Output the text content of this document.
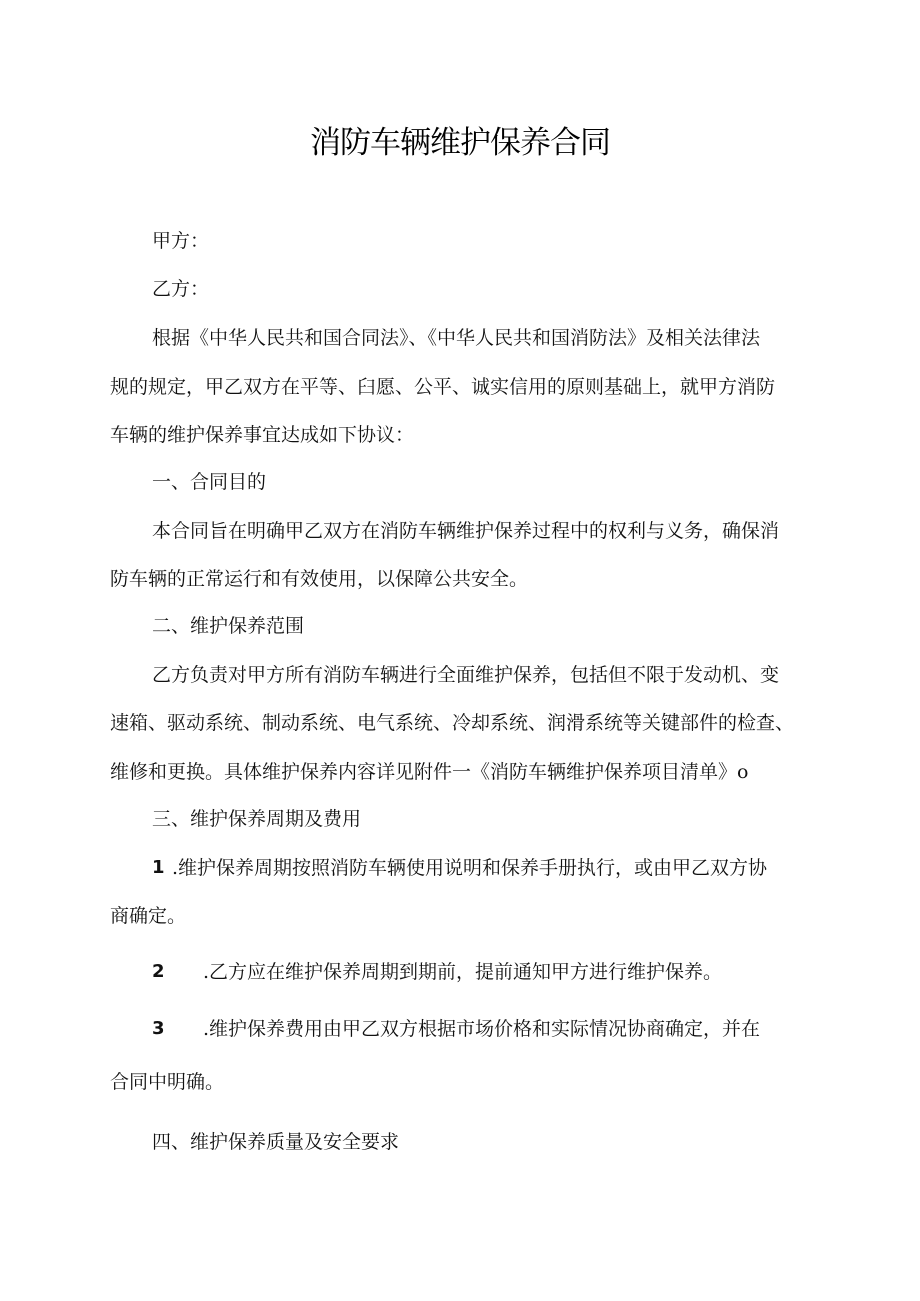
消防车辆维护保养合同
甲方：
乙方：
根据《中华人民共和国合同法》、《中华人民共和国消防法》及相关法律法
规的规定，甲乙双方在平等、臼愿、公平、诚实信用的原则基础上，就甲方消防
车辆的维护保养事宜达成如下协议：
一、合同目的
本合同旨在明确甲乙双方在消防车辆维护保养过程中的权利与义务，确保消
防车辆的正常运行和有效使用，以保障公共安全。
二、维护保养范围
乙方负责对甲方所有消防车辆进行全面维护保养，包括但不限于发动机、变
速箱、驱动系统、制动系统、电气系统、冷却系统、润滑系统等关键部件的检查、
维修和更换。具体维护保养内容详见附件一《消防车辆维护保养项目清单》o
三、维护保养周期及费用
1 .维护保养周期按照消防车辆使用说明和保养手册执行，或由甲乙双方协
商确定。
2 .乙方应在维护保养周期到期前，提前通知甲方进行维护保养。
3 .维护保养费用由甲乙双方根据市场价格和实际情况协商确定，并在
合同中明确。
四、维护保养质量及安全要求
